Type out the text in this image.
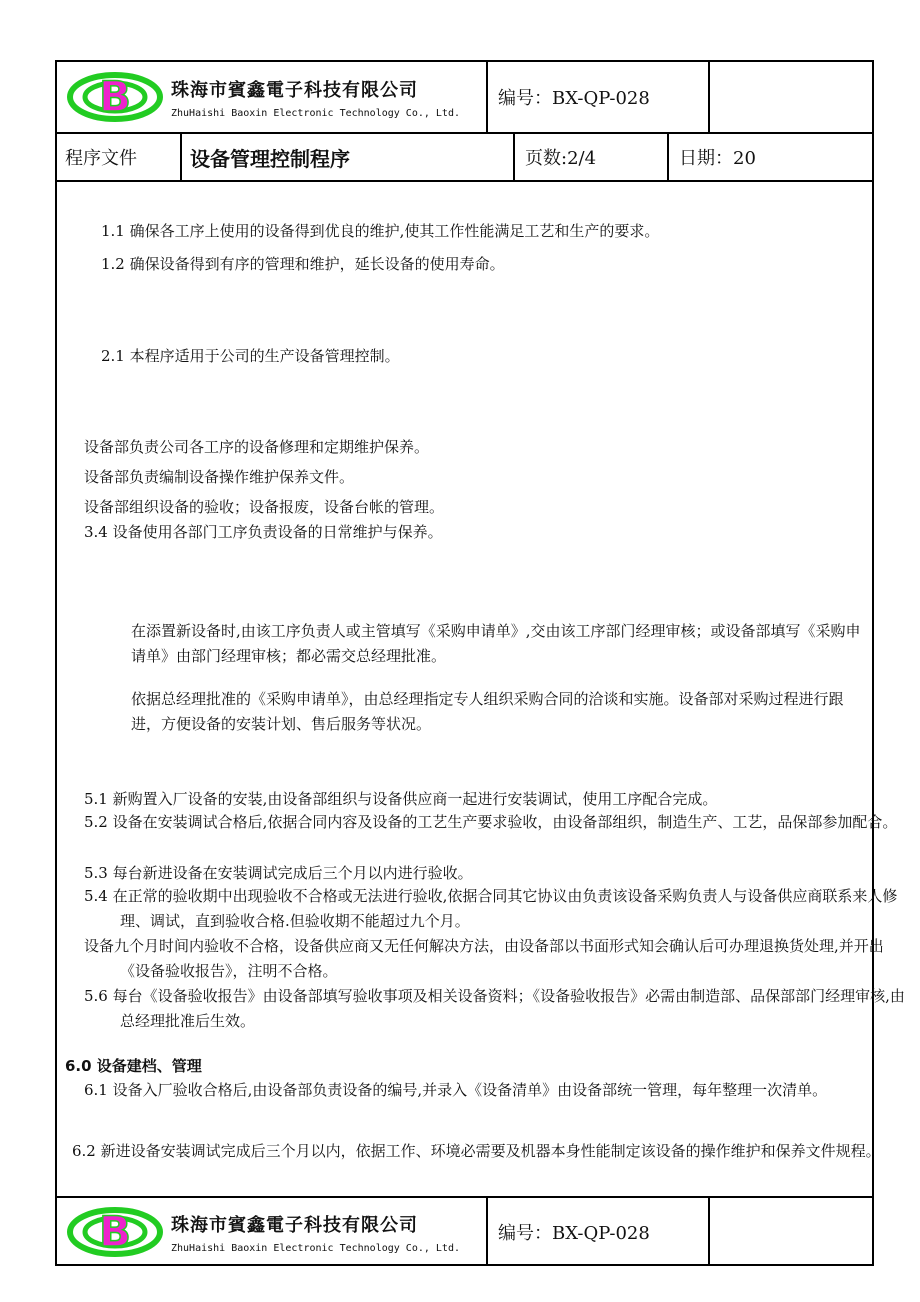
B 珠海市賓鑫電子科技有限公司
ZhuHaishi Baoxin Electronic Technology Co., Ltd.
编号：BX-QP-028
程序文件	设备管理控制程序	页数:2/4	日期：20
1.1 确保各工序上使用的设备得到优良的维护,使其工作性能满足工艺和生产的要求。
1.2 确保设备得到有序的管理和维护，延长设备的使用寿命。
2.1 本程序适用于公司的生产设备管理控制。
设备部负责公司各工序的设备修理和定期维护保养。
设备部负责编制设备操作维护保养文件。
设备部组织设备的验收；设备报废，设备台帐的管理。
3.4 设备使用各部门工序负责设备的日常维护与保养。
在添置新设备时,由该工序负责人或主管填写《采购申请单》,交由该工序部门经理审核；或设备部填写《采购申请单》由部门经理审核；都必需交总经理批准。
依据总经理批准的《采购申请单》，由总经理指定专人组织采购合同的洽谈和实施。设备部对采购过程进行跟进，方便设备的安装计划、售后服务等状况。
5.1 新购置入厂设备的安装,由设备部组织与设备供应商一起进行安装调试，使用工序配合完成。
5.2 设备在安装调试合格后,依据合同内容及设备的工艺生产要求验收，由设备部组织，制造生产、工艺，品保部参加配合。
5.3 每台新进设备在安装调试完成后三个月以内进行验收。
5.4 在正常的验收期中出现验收不合格或无法进行验收,依据合同其它协议由负责该设备采购负责人与设备供应商联系来人修理、调试，直到验收合格.但验收期不能超过九个月。
设备九个月时间内验收不合格，设备供应商又无任何解决方法，由设备部以书面形式知会确认后可办理退换货处理,并开出《设备验收报告》，注明不合格。
5.6 每台《设备验收报告》由设备部填写验收事项及相关设备资料；《设备验收报告》必需由制造部、品保部部门经理审核,由总经理批准后生效。
6.0 设备建档、管理
6.1 设备入厂验收合格后,由设备部负责设备的编号,并录入《设备清单》由设备部统一管理，每年整理一次清单。
6.2 新进设备安装调试完成后三个月以内，依据工作、环境必需要及机器本身性能制定该设备的操作维护和保养文件规程。
B 珠海市賓鑫電子科技有限公司
ZhuHaishi Baoxin Electronic Technology Co., Ltd.
编号：BX-QP-028
